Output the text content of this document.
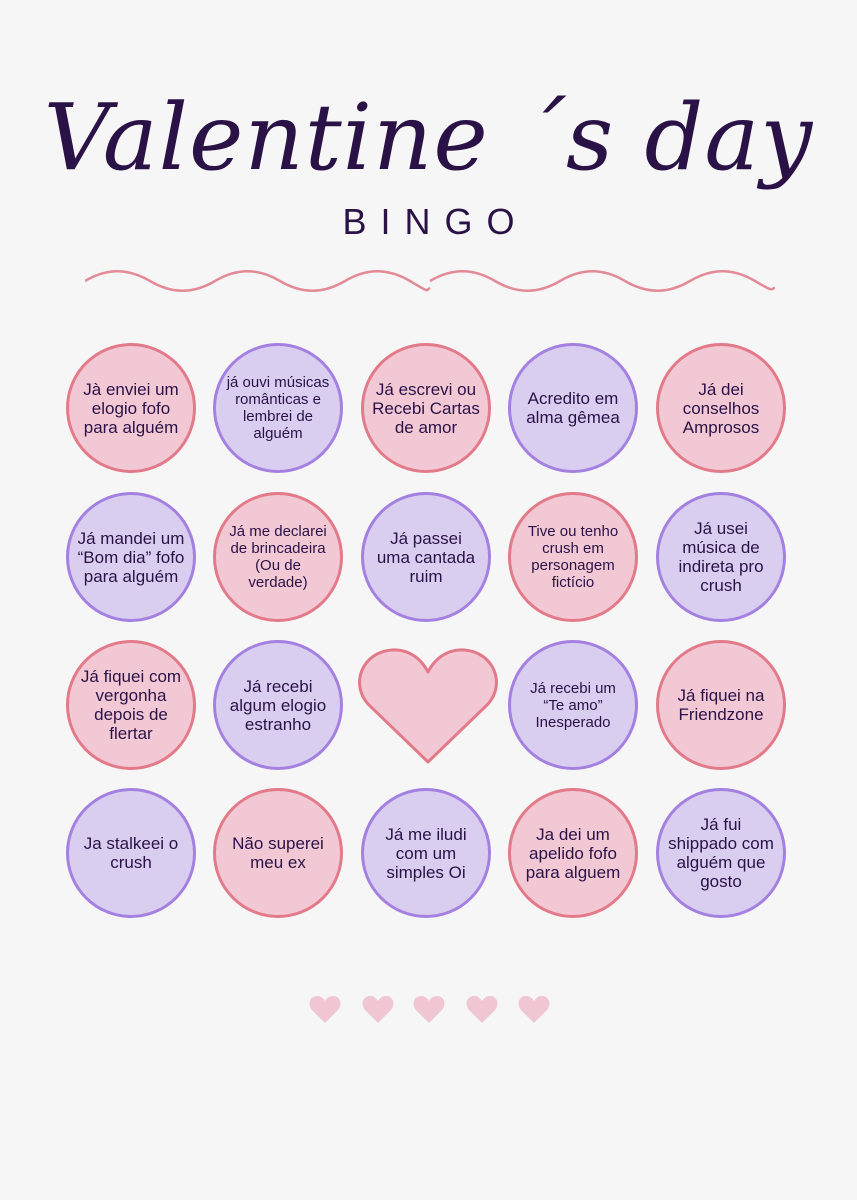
Valentine ´s day
BINGO
Jà enviei um elogio fofo para alguém
já ouvi músicas românticas e lembrei de alguém
Já escrevi ou Recebi Cartas de amor
Acredito em alma gêmea
Já dei conselhos Amprosos
Já mandei um “Bom dia” fofo para alguém
Já me declarei de brincadeira (Ou de verdade)
Já passei uma cantada ruim
Tive ou tenho crush em personagem fictício
Já usei música de indireta pro crush
Já fiquei com vergonha depois de flertar
Já recebi algum elogio estranho
Já recebi um “Te amo” Inesperado
Já fiquei na Friendzone
Ja stalkeei o crush
Não superei meu ex
Já me iludi com um simples Oi
Ja dei um apelido fofo para alguem
Já fui shippado com alguém que gosto
